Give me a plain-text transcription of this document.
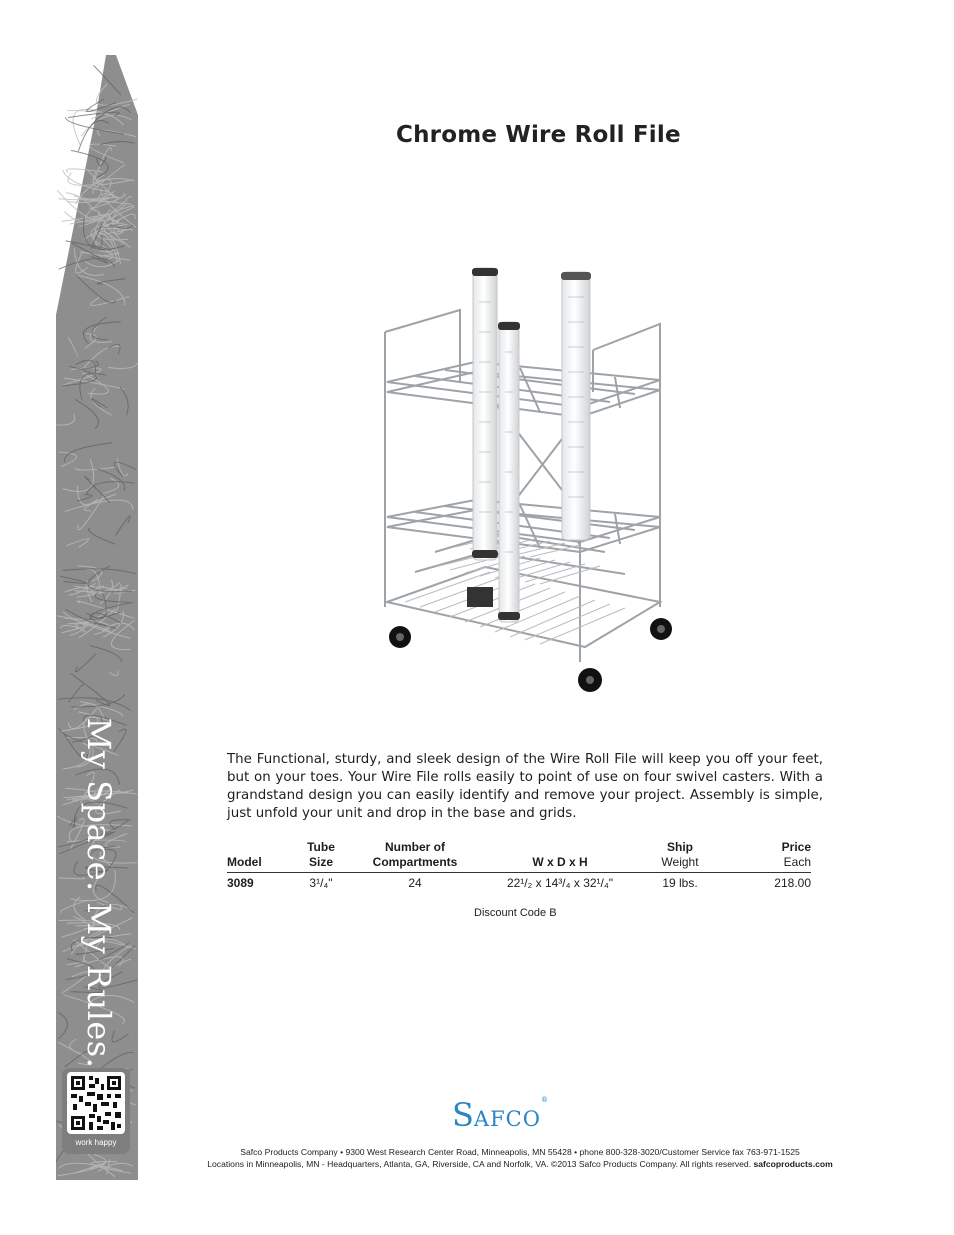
My Space. My Rules.
work happy
Chrome Wire Roll File

The Functional, sturdy, and sleek design of the Wire Roll File will keep you off your feet, but on your toes. Your Wire File rolls easily to point of use on four swivel casters. With a grandstand design you can easily identify and remove your project. Assembly is simple, just unfold your unit and drop in the base and grids.

	Tube	Number of		Ship	Price
Model	Size	Compartments	W x D x H	Weight	Each
3089	3¹/₄"	24	22¹/₂ x 14³/₄ x 32¹/₄"	19 lbs.	218.00
Discount Code B
SAFCO®
Safco Products Company • 9300 West Research Center Road, Minneapolis, MN 55428 • phone 800-328-3020/Customer Service fax 763-971-1525
Locations in Minneapolis, MN - Headquarters, Atlanta, GA, Riverside, CA and Norfolk, VA. ©2013 Safco Products Company. All rights reserved. safcoproducts.com
